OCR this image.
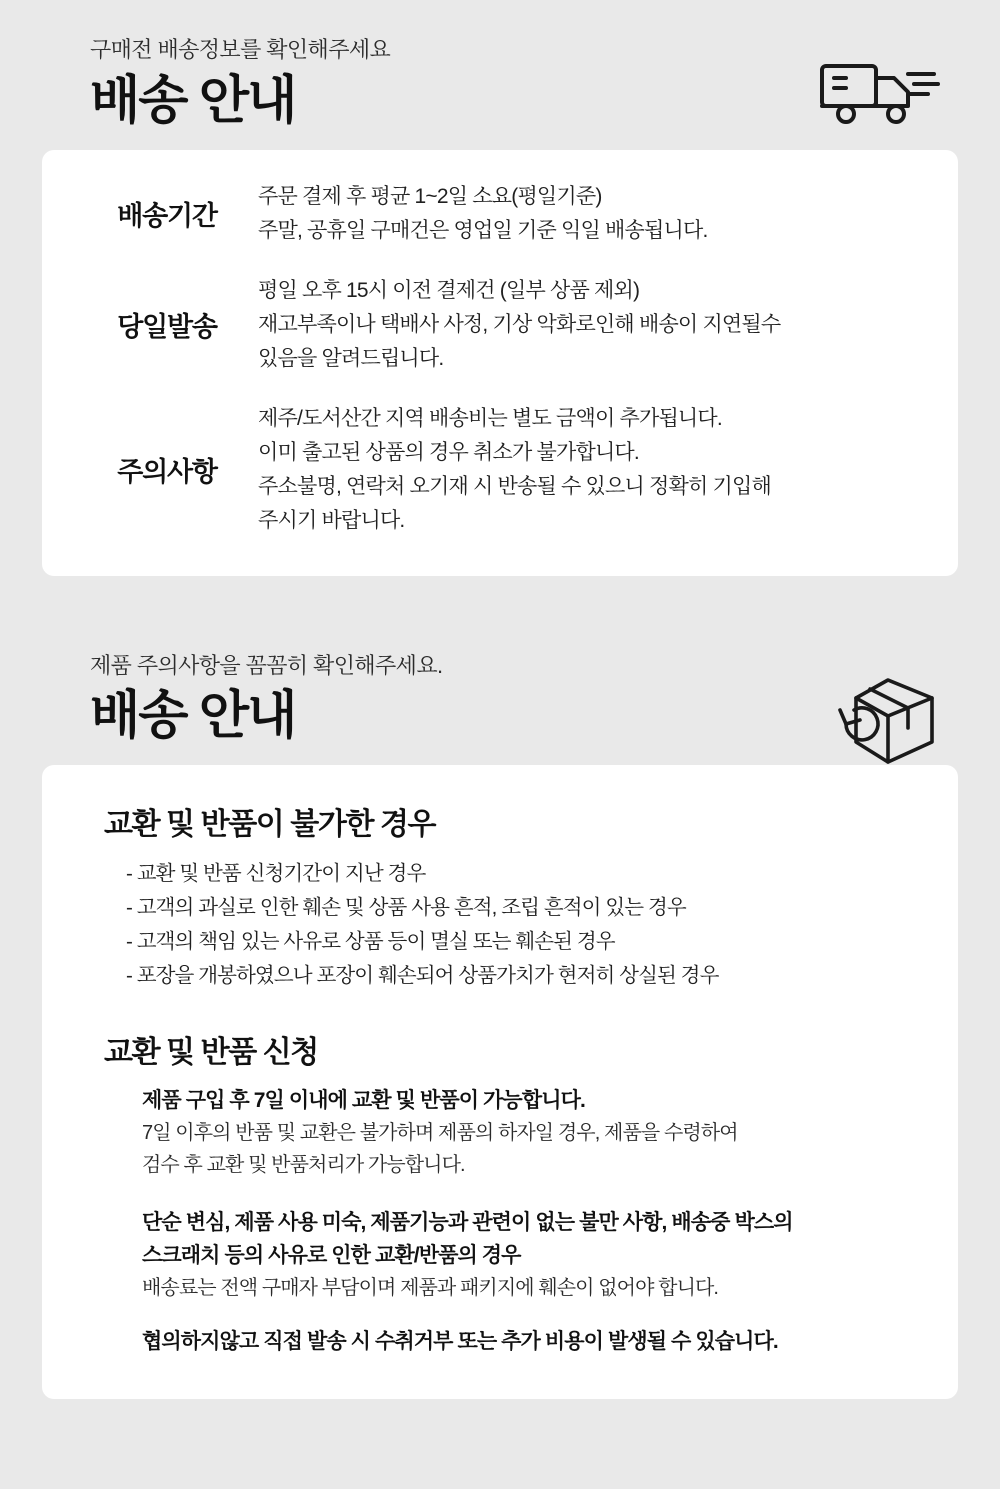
구매전 배송정보를 확인해주세요
배송 안내
배송기간
주문 결제 후 평균 1~2일 소요(평일기준)
주말, 공휴일 구매건은 영업일 기준 익일 배송됩니다.
당일발송
평일 오후 15시 이전 결제건 (일부 상품 제외)
재고부족이나 택배사 사정, 기상 악화로인해 배송이 지연될수
있음을 알려드립니다.
주의사항
제주/도서산간 지역 배송비는 별도 금액이 추가됩니다.
이미 출고된 상품의 경우 취소가 불가합니다.
주소불명, 연락처 오기재 시 반송될 수 있으니 정확히 기입해
주시기 바랍니다.
제품 주의사항을 꼼꼼히 확인해주세요.
배송 안내
교환 및 반품이 불가한 경우
- 교환 및 반품 신청기간이 지난 경우
- 고객의 과실로 인한 훼손 및 상품 사용 흔적, 조립 흔적이 있는 경우
- 고객의 책임 있는 사유로 상품 등이 멸실 또는 훼손된 경우
- 포장을 개봉하였으나 포장이 훼손되어 상품가치가 현저히 상실된 경우
교환 및 반품 신청
제품 구입 후 7일 이내에 교환 및 반품이 가능합니다.
7일 이후의 반품 및 교환은 불가하며 제품의 하자일 경우, 제품을 수령하여
검수 후 교환 및 반품처리가 가능합니다.
단순 변심, 제품 사용 미숙, 제품기능과 관련이 없는 불만 사항, 배송중 박스의
스크래치 등의 사유로 인한 교환/반품의 경우
배송료는 전액 구매자 부담이며 제품과 패키지에 훼손이 없어야 합니다.
협의하지않고 직접 발송 시 수취거부 또는 추가 비용이 발생될 수 있습니다.
